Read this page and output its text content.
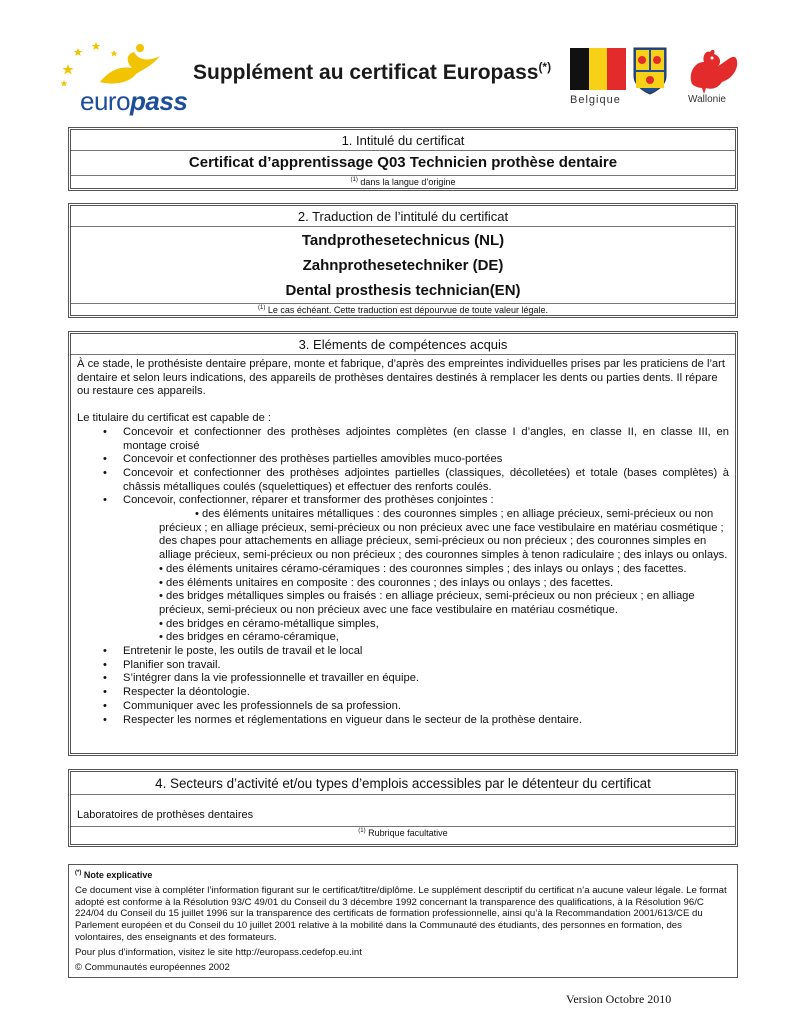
europass
Supplément au certificat Europass(*)
Belgique	Wallonie
1. Intitulé du certificat
Certificat d’apprentissage Q03 Technicien prothèse dentaire
$^{(1)}$ dans la langue d’origine
2. Traduction de l’intitulé du certificat
Tandprothesetechnicus (NL)
Zahnprothesetechniker (DE)
Dental prosthesis technician(EN)
$^{(1)}$ Le cas échéant. Cette traduction est dépourvue de toute valeur légale.
3. Eléments de compétences acquis

À ce stade, le prothésiste dentaire prépare, monte et fabrique, d’après des empreintes individuelles prises par les praticiens de l’art dentaire et selon leurs indications, des appareils de prothèses dentaires destinés à remplacer les dents ou parties dents. Il répare ou restaure ces appareils.

Le titulaire du certificat est capable de :

• Concevoir et confectionner des prothèses adjointes complètes (en classe I d’angles, en classe II, en classe III, en montage croisé
• Concevoir et confectionner des prothèses partielles amovibles muco-portées
• Concevoir et confectionner des prothèses adjointes partielles (classiques, décolletées) et totale (bases complètes) à châssis métalliques coulés (squelettiques) et effectuer des renforts coulés.
• Concevoir, confectionner, réparer et transformer des prothèses conjointes :
• des éléments unitaires métalliques : des couronnes simples ; en alliage précieux, semi-précieux ou non précieux ; en alliage précieux, semi-précieux ou non précieux avec une face vestibulaire en matériau cosmétique ; des chapes pour attachements en alliage précieux, semi-précieux ou non précieux ; des couronnes simples en alliage précieux, semi-précieux ou non précieux ; des couronnes simples à tenon radiculaire ; des inlays ou onlays.
• des éléments unitaires céramo-céramiques : des couronnes simples ; des inlays ou onlays ; des facettes.
• des éléments unitaires en composite : des couronnes ; des inlays ou onlays ; des facettes.
• des bridges métalliques simples ou fraisés : en alliage précieux, semi-précieux ou non précieux ; en alliage précieux, semi-précieux ou non précieux avec une face vestibulaire en matériau cosmétique.
• des bridges en céramo-métallique simples,
• des bridges en céramo-céramique,
• Entretenir le poste, les outils de travail et le local
• Planifier son travail.
• S’intégrer dans la vie professionnelle et travailler en équipe.
• Respecter la déontologie.
• Communiquer avec les professionnels de sa profession.
• Respecter les normes et réglementations en vigueur dans le secteur de la prothèse dentaire.
4. Secteurs d’activité et/ou types d’emplois accessibles par le détenteur du certificat
Laboratoires de prothèses dentaires
$^{(1)}$ Rubrique facultative

(*) Note explicative

Ce document vise à compléter l’information figurant sur le certificat/titre/diplôme. Le supplément descriptif du certificat n’a aucune valeur légale. Le format adopté est conforme à la Résolution 93/C 49/01 du Conseil du 3 décembre 1992 concernant la transparence des qualifications, à la Résolution 96/C 224/04 du Conseil du 15 juillet 1996 sur la transparence des certificats de formation professionnelle, ainsi qu’à la Recommandation 2001/613/CE du Parlement européen et du Conseil du 10 juillet 2001 relative à la mobilité dans la Communauté des étudiants, des personnes en formation, des volontaires, des enseignants et des formateurs.

Pour plus d’information, visitez le site http://europass.cedefop.eu.int

© Communautés européennes 2002

Version Octobre 2010
